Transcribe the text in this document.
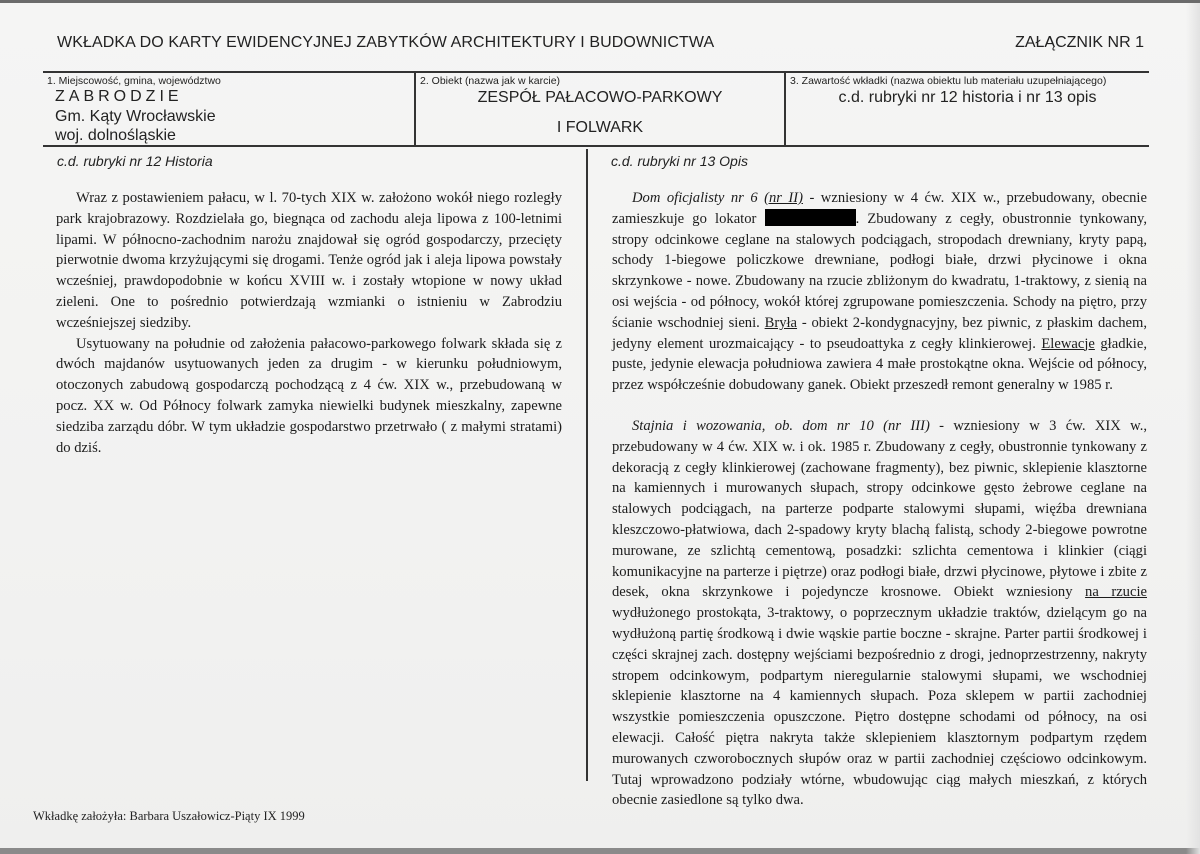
WKŁADKA DO KARTY EWIDENCYJNEJ ZABYTKÓW ARCHITEKTURY I BUDOWNICTWA	ZAŁĄCZNIK NR 1
1. Miejscowość, gmina, województwo
ZABRODZIE
Gm. Kąty Wrocławskie
woj. dolnośląskie
2. Obiekt (nazwa jak w karcie)
ZESPÓŁ PAŁACOWO-PARKOWY
I FOLWARK
3. Zawartość wkładki (nazwa obiektu lub materiału uzupełniającego)
c.d. rubryki nr 12 historia i nr 13 opis
c.d. rubryki nr 12 Historia	c.d. rubryki nr 13 Opis

Wraz z postawieniem pałacu, w l. 70-tych XIX w. założono wokół niego rozległy park krajobrazowy. Rozdzielała go, biegnąca od zachodu aleja lipowa z 100-letnimi lipami. W północno-zachodnim narożu znajdował się ogród gospodarczy, przecięty pierwotnie dwoma krzyżującymi się drogami. Tenże ogród jak i aleja lipowa powstały wcześniej, prawdopodobnie w końcu XVIII w. i zostały wtopione w nowy układ zieleni. One to pośrednio potwierdzają wzmianki o istnieniu w Zabrodziu wcześniejszej siedziby.

Usytuowany na południe od założenia pałacowo-parkowego folwark składa się z dwóch majdanów usytuowanych jeden za drugim - w kierunku południowym, otoczonych zabudową gospodarczą pochodzącą z 4 ćw. XIX w., przebudowaną w pocz. XX w. Od Północy folwark zamyka niewielki budynek mieszkalny, zapewne siedziba zarządu dóbr. W tym układzie gospodarstwo przetrwało ( z małymi stratami) do dziś.

Dom oficjalisty nr 6 (nr II) - wzniesiony w 4 ćw. XIX w., przebudowany, obecnie zamieszkuje go lokator	. Zbudowany z cegły, obustronnie tynkowany, stropy odcinkowe ceglane na stalowych podciągach, stropodach drewniany, kryty papą, schody 1-biegowe policzkowe drewniane, podłogi białe, drzwi płycinowe i okna skrzynkowe - nowe. Zbudowany na rzucie zbliżonym do kwadratu, 1-traktowy, z sienią na osi wejścia - od północy, wokół której zgrupowane pomieszczenia. Schody na piętro, przy ścianie wschodniej sieni. Bryła - obiekt 2-kondygnacyjny, bez piwnic, z płaskim dachem, jedyny element urozmaicający - to pseudoattyka z cegły klinkierowej. Elewacje gładkie, puste, jedynie elewacja południowa zawiera 4 małe prostokątne okna. Wejście od północy, przez współcześnie dobudowany ganek. Obiekt przeszedł remont generalny w 1985 r.

Stajnia i wozowania, ob. dom nr 10 (nr III) - wzniesiony w 3 ćw. XIX w., przebudowany w 4 ćw. XIX w. i ok. 1985 r. Zbudowany z cegły, obustronnie tynkowany z dekoracją z cegły klinkierowej (zachowane fragmenty), bez piwnic, sklepienie klasztorne na kamiennych i murowanych słupach, stropy odcinkowe gęsto żebrowe ceglane na stalowych podciągach, na parterze podparte stalowymi słupami, więźba drewniana kleszczowo-płatwiowa, dach 2-spadowy kryty blachą falistą, schody 2-biegowe powrotne murowane, ze szlichtą cementową, posadzki: szlichta cementowa i klinkier (ciągi komunikacyjne na parterze i piętrze) oraz podłogi białe, drzwi płycinowe, płytowe i zbite z desek, okna skrzynkowe i pojedyncze krosnowe. Obiekt wzniesiony na rzucie wydłużonego prostokąta, 3-traktowy, o poprzecznym układzie traktów, dzielącym go na wydłużoną partię środkową i dwie wąskie partie boczne - skrajne. Parter partii środkowej i części skrajnej zach. dostępny wejściami bezpośrednio z drogi, jednoprzestrzenny, nakryty stropem odcinkowym, podpartym nieregularnie stalowymi słupami, we wschodniej sklepienie klasztorne na 4 kamiennych słupach. Poza sklepem w partii zachodniej wszystkie pomieszczenia opuszczone. Piętro dostępne schodami od północy, na osi elewacji. Całość piętra nakryta także sklepieniem klasztornym podpartym rzędem murowanych czworobocznych słupów oraz w partii zachodniej częściowo odcinkowym. Tutaj wprowadzono podziały wtórne, wbudowując ciąg małych mieszkań, z których obecnie zasiedlone są tylko dwa.

Wkładkę założyła: Barbara Uszałowicz-Piąty IX 1999
